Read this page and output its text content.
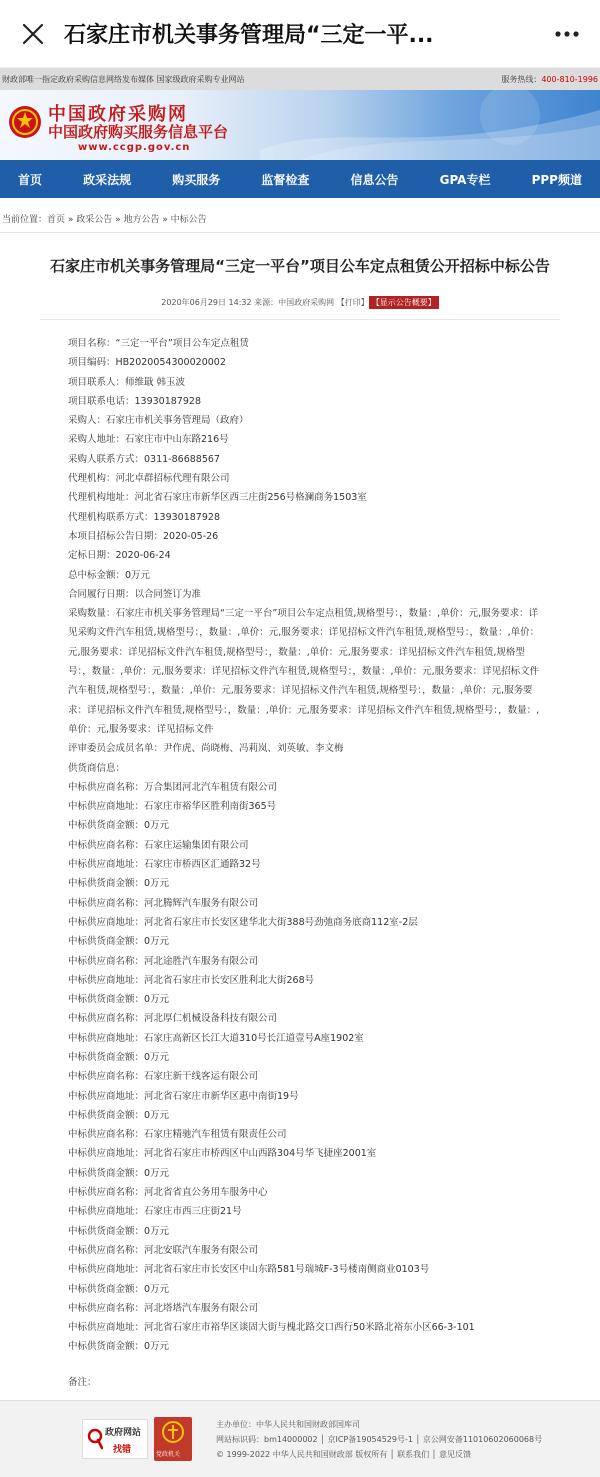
石家庄市机关事务管理局“三定一平...
财政部唯一指定政府采购信息网络发布媒体 国家级政府采购专业网站	服务热线：400-810-1996
中国政府采购网
中国政府购买服务信息平台
www.ccgp.gov.cn
首页	政采法规	购买服务	监督检查	信息公告	GPA专栏	PPP频道
当前位置：首页 » 政采公告 » 地方公告 » 中标公告
石家庄市机关事务管理局“三定一平台”项目公车定点租赁公开招标中标公告
2020年06月29日 14:32 来源：中国政府采购网 【打印】 【显示公告概要】
项目名称：“三定一平台”项目公车定点租赁
项目编码：HB2020054300020002
项目联系人：师维戢 韩玉波
项目联系电话：13930187928
采购人：石家庄市机关事务管理局（政府）
采购人地址：石家庄市中山东路216号
采购人联系方式：0311-86688567
代理机构：河北卓群招标代理有限公司
代理机构地址：河北省石家庄市新华区西三庄街256号格澜商务1503室
代理机构联系方式：13930187928
本项目招标公告日期：2020-05-26
定标日期：2020-06-24
总中标金额：0万元
合同履行日期：以合同签订为准
采购数量：石家庄市机关事务管理局“三定一平台”项目公车定点租赁,规格型号：，数量：,单价：元,服务要求：详见采购文件汽车租赁,规格型号：，数量：,单价：元,服务要求：详见招标文件汽车租赁,规格型号：，数量：,单价：元,服务要求：详见招标文件汽车租赁,规格型号：，数量：,单价：元,服务要求：详见招标文件汽车租赁,规格型号：，数量：,单价：元,服务要求：详见招标文件汽车租赁,规格型号：，数量：,单价：元,服务要求：详见招标文件汽车租赁,规格型号：，数量：,单价：元,服务要求：详见招标文件汽车租赁,规格型号：，数量：,单价：元,服务要求：详见招标文件汽车租赁,规格型号：，数量：,单价：元,服务要求：详见招标文件汽车租赁,规格型号：，数量：,单价：元,服务要求：详见招标文件
评审委员会成员名单：尹作虎、尚晓梅、冯莉岚、刘英敏、李文梅
供货商信息：
中标供应商名称：万合集团河北汽车租赁有限公司
中标供应商地址：石家庄市裕华区胜利南街365号
中标供货商金额：0万元
中标供应商名称：石家庄运输集团有限公司
中标供应商地址：石家庄市桥西区汇通路32号
中标供货商金额：0万元
中标供应商名称：河北腾辉汽车服务有限公司
中标供应商地址：河北省石家庄市长安区建华北大街388号劲弛商务底商112室-2层
中标供货商金额：0万元
中标供应商名称：河北途胜汽车服务有限公司
中标供应商地址：河北省石家庄市长安区胜利北大街268号
中标供货商金额：0万元
中标供应商名称：河北厚仁机械设备科技有限公司
中标供应商地址：石家庄高新区长江大道310号长江道壹号A座1902室
中标供货商金额：0万元
中标供应商名称：石家庄新干线客运有限公司
中标供应商地址：河北省石家庄市新华区惠中南街19号
中标供货商金额：0万元
中标供应商名称：石家庄精驰汽车租赁有限责任公司
中标供应商地址：河北省石家庄市桥西区中山西路304号华飞捷座2001室
中标供货商金额：0万元
中标供应商名称：河北省省直公务用车服务中心
中标供应商地址：石家庄市西三庄街21号
中标供货商金额：0万元
中标供应商名称：河北安联汽车服务有限公司
中标供应商地址：河北省石家庄市长安区中山东路581号瑞城F-3号楼南侧商业0103号
中标供货商金额：0万元
中标供应商名称：河北塔塔汽车服务有限公司
中标供应商地址：河北省石家庄市裕华区谈固大街与槐北路交口西行50米路北裕东小区66-3-101
中标供货商金额：0万元
备注：
政府网站
找错	党政机关
主办单位：中华人民共和国财政部国库司
网站标识码：bm14000002 │ 京ICP备19054529号-1 │ 京公网安备11010602060068号
© 1999-2022 中华人民共和国财政部 版权所有 │ 联系我们 │ 意见反馈
